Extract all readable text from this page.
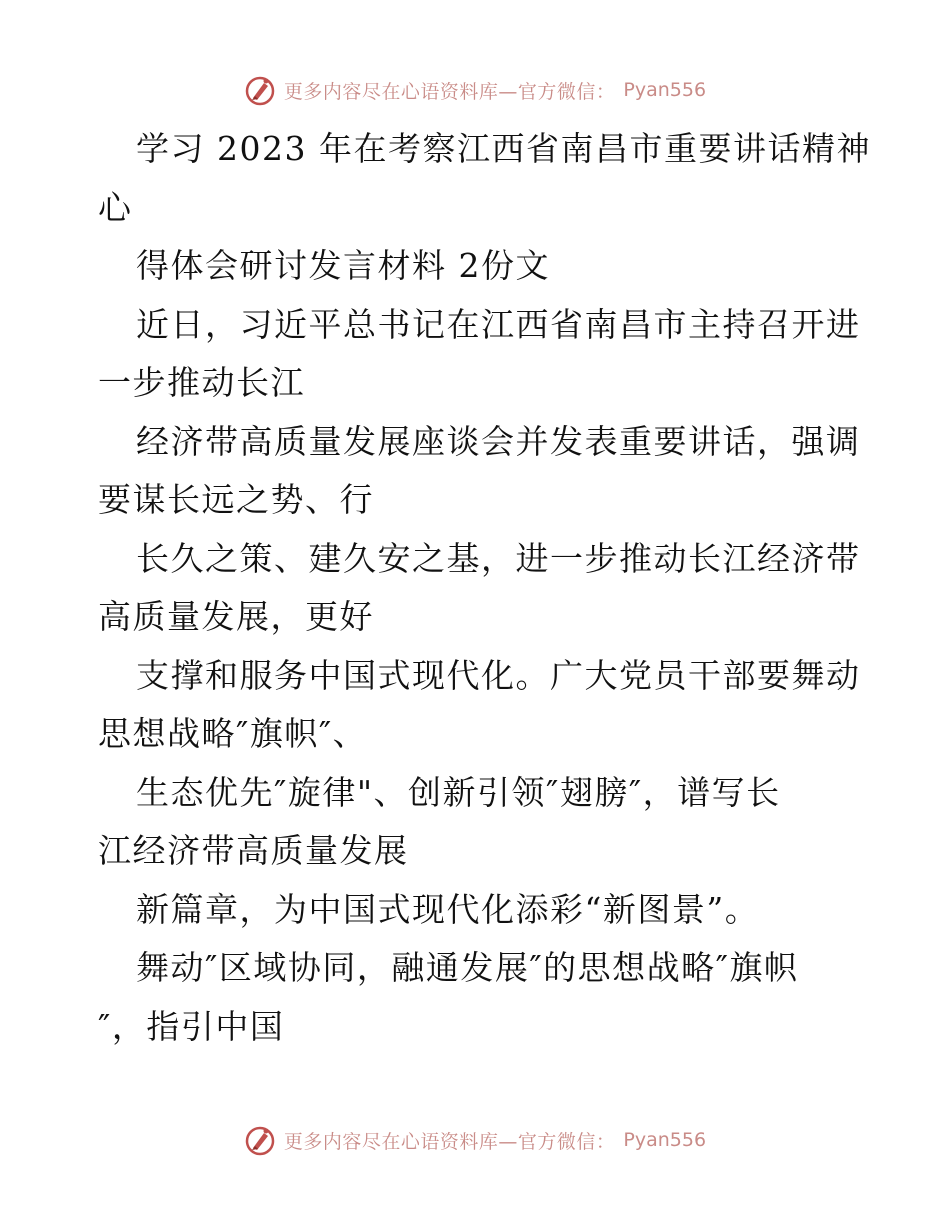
更多内容尽在心语资料库—官方微信： Pyan556
学习 2023 年在考察江西省南昌市重要讲话精神
心
得体会研讨发言材料 2份文
近日，习近平总书记在江西省南昌市主持召开进
一步推动长江
经济带高质量发展座谈会并发表重要讲话，强调
要谋长远之势、行
长久之策、建久安之基，进一步推动长江经济带
高质量发展，更好
支撑和服务中国式现代化。广大党员干部要舞动
思想战略″旗帜″、
生态优先″旋律"、创新引领″翅膀″，谱写长
江经济带高质量发展
新篇章，为中国式现代化添彩“新图景”。
舞动″区域协同，融通发展″的思想战略″旗帜
″，指引中国
更多内容尽在心语资料库—官方微信： Pyan556
